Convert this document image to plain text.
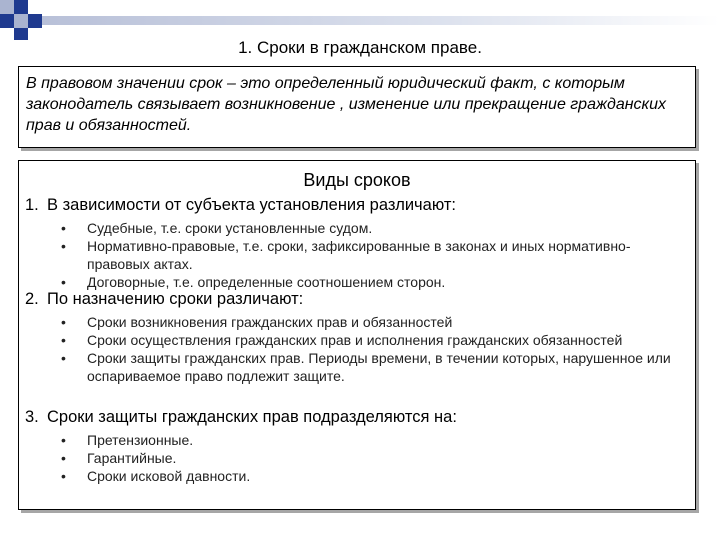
1. Сроки в гражданском праве.
В правовом значении срок – это определенный юридический факт, с которым законодатель связывает возникновение , изменение или прекращение гражданских прав и обязанностей.
Виды сроков
1. В зависимости от субъекта установления различают:
• Судебные, т.е. сроки установленные судом.
• Нормативно-правовые, т.е. сроки, зафиксированные в законах и иных нормативно-правовых актах.
• Договорные, т.е. определенные соотношением сторон.
2. По назначению сроки различают:
• Сроки возникновения гражданских прав и обязанностей
• Сроки осуществления гражданских прав и исполнения гражданских обязанностей
• Сроки защиты гражданских прав. Периоды времени, в течении которых, нарушенное или оспариваемое право подлежит защите.
3. Сроки защиты гражданских прав подразделяются на:
• Претензионные.
• Гарантийные.
• Сроки исковой давности.
